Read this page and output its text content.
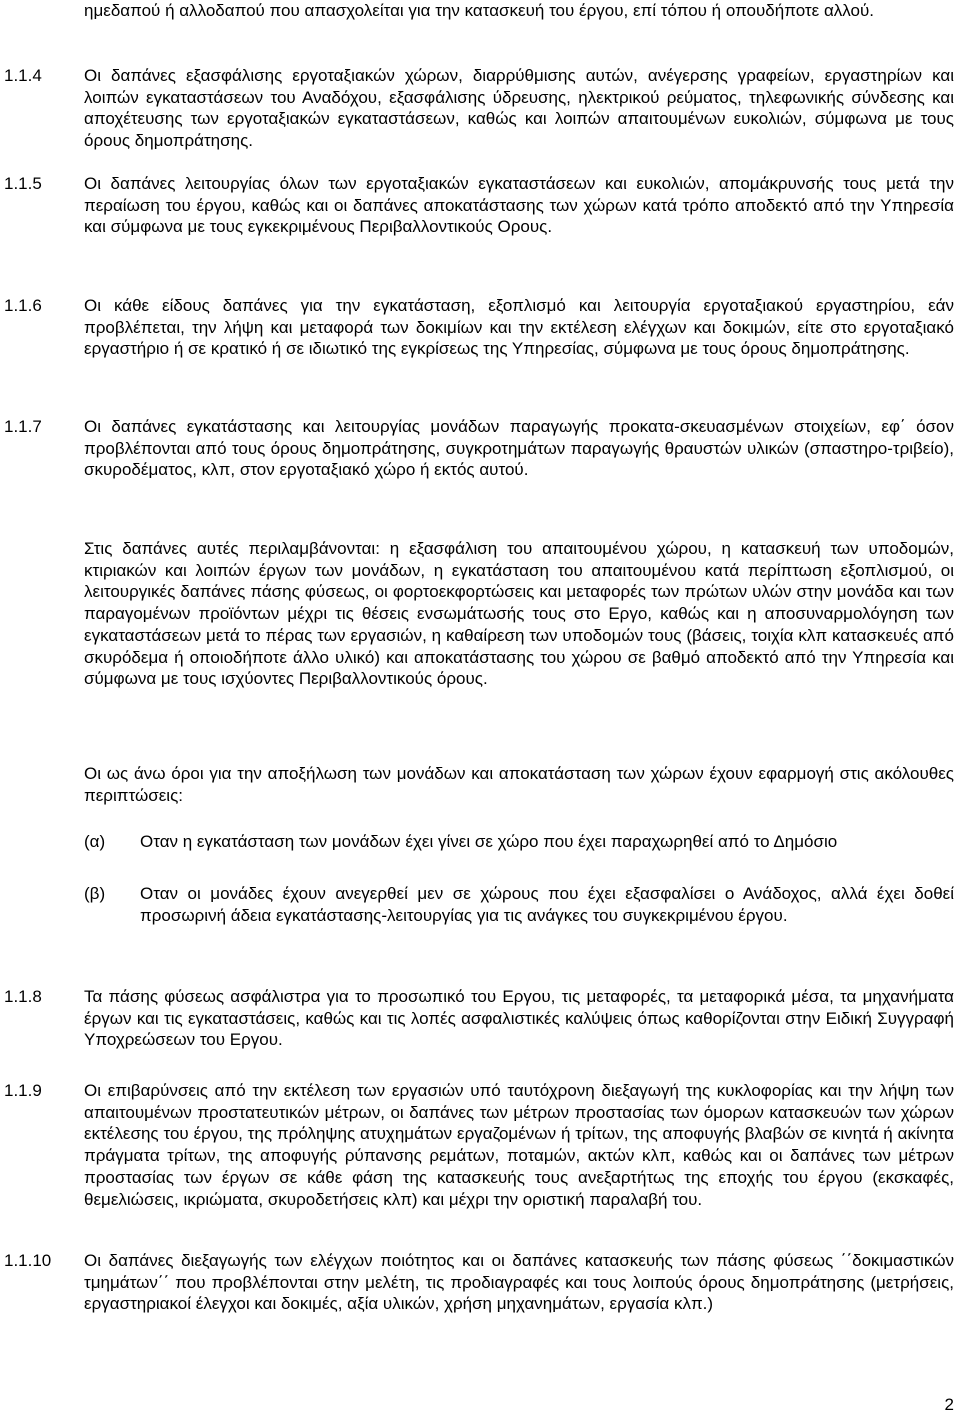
ημεδαπού ή αλλοδαπού που απασχολείται για την κατασκευή του έργου, επί τόπου ή οπουδήποτε αλλού.

1.1.4 Οι δαπάνες εξασφάλισης εργοταξιακών χώρων, διαρρύθμισης αυτών, ανέγερσης γραφείων, εργαστηρίων και λοιπών εγκαταστάσεων του Αναδόχου, εξασφάλισης ύδρευσης, ηλεκτρικού ρεύματος, τηλεφωνικής σύνδεσης και αποχέτευσης των εργοταξιακών εγκαταστάσεων, καθώς και λοιπών απαιτουμένων ευκολιών, σύμφωνα με τους όρους δημοπράτησης.

1.1.5 Οι δαπάνες λειτουργίας όλων των εργοταξιακών εγκαταστάσεων και ευκολιών, απομάκρυνσής τους μετά την περαίωση του έργου, καθώς και οι δαπάνες αποκατάστασης των χώρων κατά τρόπο αποδεκτό από την Υπηρεσία και σύμφωνα με τους εγκεκριμένους Περιβαλλοντικούς Ορους.

1.1.6 Οι κάθε είδους δαπάνες για την εγκατάσταση, εξοπλισμό και λειτουργία εργοταξιακού εργαστηρίου, εάν προβλέπεται, την λήψη και μεταφορά των δοκιμίων και την εκτέλεση ελέγχων και δοκιμών, είτε στο εργοταξιακό εργαστήριο ή σε κρατικό ή σε ιδιωτικό της εγκρίσεως της Υπηρεσίας, σύμφωνα με τους όρους δημοπράτησης.

1.1.7 Οι δαπάνες εγκατάστασης και λειτουργίας μονάδων παραγωγής προκατα-σκευασμένων στοιχείων, εφ΄ όσον προβλέπονται από τους όρους δημοπράτησης, συγκροτημάτων παραγωγής θραυστών υλικών (σπαστηρο-τριβείο), σκυροδέματος, κλπ, στον εργοταξιακό χώρο ή εκτός αυτού.

Στις δαπάνες αυτές περιλαμβάνονται: η εξασφάλιση του απαιτουμένου χώρου, η κατασκευή των υποδομών, κτιριακών και λοιπών έργων των μονάδων, η εγκατάσταση του απαιτουμένου κατά περίπτωση εξοπλισμού, οι λειτουργικές δαπάνες πάσης φύσεως, οι φορτοεκφορτώσεις και μεταφορές των πρώτων υλών στην μονάδα και των παραγομένων προϊόντων μέχρι τις θέσεις ενσωμάτωσής τους στο Εργο, καθώς και η αποσυναρμολόγηση των εγκαταστάσεων μετά το πέρας των εργασιών, η καθαίρεση των υποδομών τους (βάσεις, τοιχία κλπ κατασκευές από σκυρόδεμα ή οποιοδήποτε άλλο υλικό) και αποκατάστασης του χώρου σε βαθμό αποδεκτό από την Υπηρεσία και σύμφωνα με τους ισχύοντες Περιβαλλοντικούς όρους.

Οι ως άνω όροι για την αποξήλωση των μονάδων και αποκατάσταση των χώρων έχουν εφαρμογή στις ακόλουθες περιπτώσεις:

(α) Οταν η εγκατάσταση των μονάδων έχει γίνει σε χώρο που έχει παραχωρηθεί από το Δημόσιο

(β) Οταν οι μονάδες έχουν ανεγερθεί μεν σε χώρους που έχει εξασφαλίσει ο Ανάδοχος, αλλά έχει δοθεί προσωρινή άδεια εγκατάστασης-λειτουργίας για τις ανάγκες του συγκεκριμένου έργου.

1.1.8 Τα πάσης φύσεως ασφάλιστρα για το προσωπικό του Εργου, τις μεταφορές, τα μεταφορικά μέσα, τα μηχανήματα έργων και τις εγκαταστάσεις, καθώς και τις λοπές ασφαλιστικές καλύψεις όπως καθορίζονται στην Ειδική Συγγραφή Υποχρεώσεων του Εργου.

1.1.9 Οι επιβαρύνσεις από την εκτέλεση των εργασιών υπό ταυτόχρονη διεξαγωγή της κυκλοφορίας και την λήψη των απαιτουμένων προστατευτικών μέτρων, οι δαπάνες των μέτρων προστασίας των όμορων κατασκευών των χώρων εκτέλεσης του έργου, της πρόληψης ατυχημάτων εργαζομένων ή τρίτων, της αποφυγής βλαβών σε κινητά ή ακίνητα πράγματα τρίτων, της αποφυγής ρύπανσης ρεμάτων, ποταμών, ακτών κλπ, καθώς και οι δαπάνες των μέτρων προστασίας των έργων σε κάθε φάση της κατασκευής τους ανεξαρτήτως της εποχής του έργου (εκσκαφές, θεμελιώσεις, ικριώματα, σκυροδετήσεις κλπ) και μέχρι την οριστική παραλαβή του.

1.1.10 Οι δαπάνες διεξαγωγής των ελέγχων ποιότητος και οι δαπάνες κατασκευής των πάσης φύσεως ΄΄δοκιμαστικών τμημάτων΄΄ που προβλέπονται στην μελέτη, τις προδιαγραφές και τους λοιπούς όρους δημοπράτησης (μετρήσεις, εργαστηριακοί έλεγχοι και δοκιμές, αξία υλικών, χρήση μηχανημάτων, εργασία κλπ.)

2
